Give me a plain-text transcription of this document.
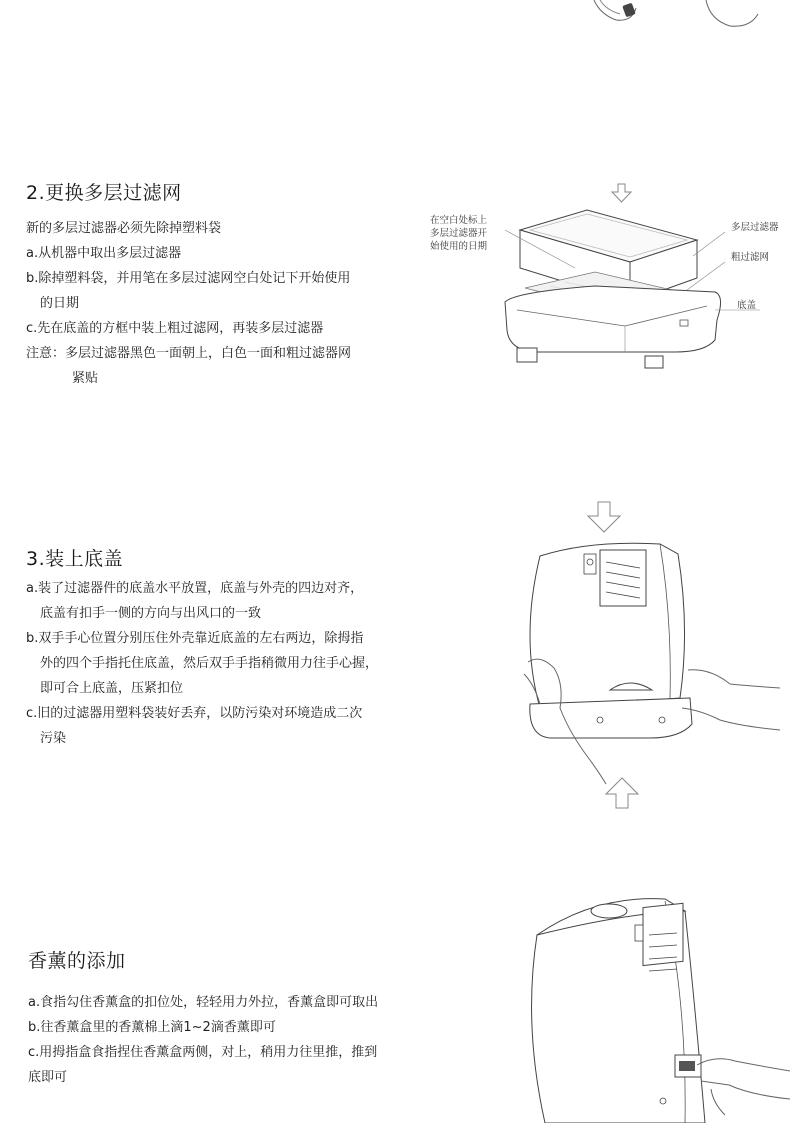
2.更换多层过滤网
新的多层过滤器必须先除掉塑料袋
a.从机器中取出多层过滤器
b.除掉塑料袋，并用笔在多层过滤网空白处记下开始使用
的日期
c.先在底盖的方框中装上粗过滤网，再装多层过滤器
注意：多层过滤器黑色一面朝上，白色一面和粗过滤器网
紧贴
在空白处标上
多层过滤器开
始使用的日期
多层过滤器
粗过滤网
底盖
3.装上底盖
a.装了过滤器件的底盖水平放置，底盖与外壳的四边对齐，
底盖有扣手一侧的方向与出风口的一致
b.双手手心位置分别压住外壳靠近底盖的左右两边，除拇指
外的四个手指托住底盖，然后双手手指稍微用力往手心握，
即可合上底盖，压紧扣位
c.旧的过滤器用塑料袋装好丢弃，以防污染对环境造成二次
污染
香薰的添加
a.食指勾住香薰盒的扣位处，轻轻用力外拉，香薰盒即可取出
b.往香薰盒里的香薰棉上滴1~2滴香薰即可
c.用拇指盒食指捏住香薰盒两侧，对上，稍用力往里推，推到
底即可
